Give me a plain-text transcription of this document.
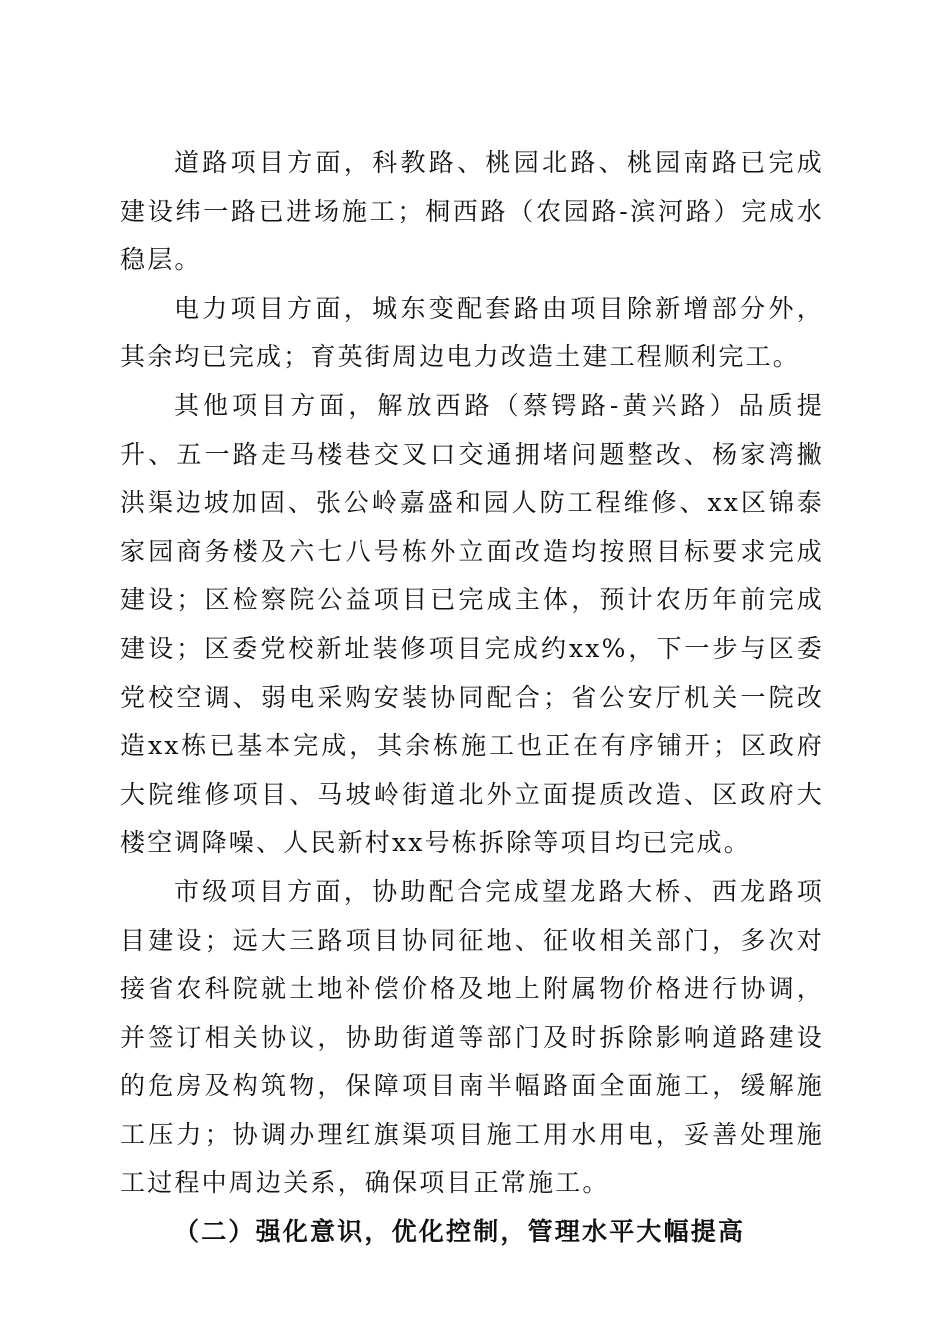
道路项目方面，科教路、桃园北路、桃园南路已完成建设纬一路已进场施工；桐西路（农园路-滨河路）完成水稳层。

电力项目方面，城东变配套路由项目除新增部分外，其余均已完成；育英街周边电力改造土建工程顺利完工。

其他项目方面，解放西路（蔡锷路-黄兴路）品质提升、五一路走马楼巷交叉口交通拥堵问题整改、杨家湾撇洪渠边坡加固、张公岭嘉盛和园人防工程维修、xx区锦泰家园商务楼及六七八号栋外立面改造均按照目标要求完成建设；区检察院公益项目已完成主体，预计农历年前完成建设；区委党校新址装修项目完成约xx%，下一步与区委党校空调、弱电采购安装协同配合；省公安厅机关一院改造xx栋已基本完成，其余栋施工也正在有序铺开；区政府大院维修项目、马坡岭街道北外立面提质改造、区政府大楼空调降噪、人民新村xx号栋拆除等项目均已完成。

市级项目方面，协助配合完成望龙路大桥、西龙路项目建设；远大三路项目协同征地、征收相关部门，多次对接省农科院就土地补偿价格及地上附属物价格进行协调，并签订相关协议，协助街道等部门及时拆除影响道路建设的危房及构筑物，保障项目南半幅路面全面施工，缓解施工压力；协调办理红旗渠项目施工用水用电，妥善处理施工过程中周边关系，确保项目正常施工。

（二）强化意识，优化控制，管理水平大幅提高
